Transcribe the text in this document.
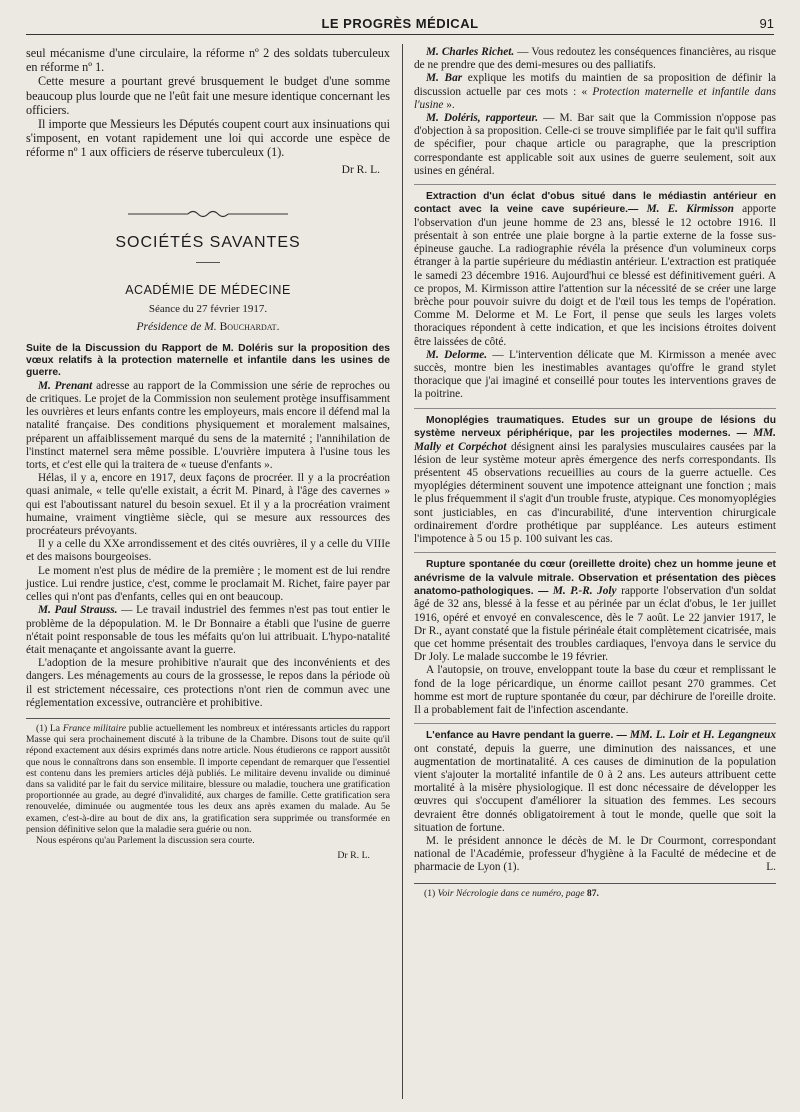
LE PROGRÈS MÉDICAL	91

seul mécanisme d'une circulaire, la réforme nº 2 des soldats tuberculeux en réforme nº 1.

Cette mesure a pourtant grevé brusquement le budget d'une somme beaucoup plus lourde que ne l'eût fait une mesure identique concernant les officiers.

Il importe que Messieurs les Députés coupent court aux insinuations qui s'imposent, en votant rapidement une loi qui accorde une espèce de réforme nº 1 aux officiers de réserve tuberculeux (1).

Dr R. L.
SOCIÉTÉS SAVANTES
ACADÉMIE DE MÉDECINE
Séance du 27 février 1917.
Présidence de M. Bouchardat.

Suite de la Discussion du Rapport de M. Doléris sur la proposition des vœux relatifs à la protection maternelle et infantile dans les usines de guerre.

M. Prenant adresse au rapport de la Commission une série de reproches ou de critiques. Le projet de la Commission non seulement protège insuffisamment les ouvrières et leurs enfants contre les employeurs, mais encore il défend mal la natalité française. Des conditions physiquement et moralement malsaines, préparent un affaiblissement marqué du sens de la maternité ; l'annihilation de l'instinct maternel sera même possible. L'ouvrière imputera à l'usine tous les torts, et c'est elle qui la traitera de « tueuse d'enfants ».

Hélas, il y a, encore en 1917, deux façons de procréer. Il y a la procréation quasi animale, « telle qu'elle existait, a écrit M. Pinard, à l'âge des cavernes » qui est l'aboutissant naturel du besoin sexuel. Et il y a la procréation vraiment humaine, vraiment vingtième siècle, qui se mesure aux ressources des procréateurs prévoyants.

Il y a celle du XXe arrondissement et des cités ouvrières, il y a celle du VIIIe et des maisons bourgeoises.

Le moment n'est plus de médire de la première ; le moment est de lui rendre justice. Lui rendre justice, c'est, comme le proclamait M. Richet, faire payer par celles qui n'ont pas d'enfants, celles qui en ont beaucoup.

M. Paul Strauss. — Le travail industriel des femmes n'est pas tout entier le problème de la dépopulation. M. le Dr Bonnaire a établi que l'usine de guerre n'était point responsable de tous les méfaits qu'on lui attribuait. L'hypo-natalité était menaçante et angoissante avant la guerre.

L'adoption de la mesure prohibitive n'aurait que des inconvénients et des dangers. Les ménagements au cours de la grossesse, le repos dans la période où il est strictement nécessaire, ces protections n'ont rien de commun avec une réglementation excessive, outrancière et prohibitive.

(1) La France militaire publie actuellement les nombreux et intéressants articles du rapport Masse qui sera prochainement discuté à la tribune de la Chambre. Disons tout de suite qu'il répond exactement aux désirs exprimés dans notre article. Nous étudierons ce rapport aussitôt que nous le connaîtrons dans son ensemble. Il importe cependant de remarquer que l'essentiel est contenu dans les premiers articles déjà publiés. Le militaire devenu invalide ou diminué dans sa validité par le fait du service militaire, blessure ou maladie, touchera une gratification proportionnée au grade, au degré d'invalidité, aux charges de famille. Cette gratification sera renouvelée, diminuée ou augmentée tous les deux ans après examen du malade. Au 5e examen, c'est-à-dire au bout de dix ans, la gratification sera supprimée ou transformée en pension définitive selon que la maladie sera guérie ou non.

Nous espérons qu'au Parlement la discussion sera courte.

Dr R. L.

M. Charles Richet. — Vous redoutez les conséquences financières, au risque de ne prendre que des demi-mesures ou des palliatifs.

M. Bar explique les motifs du maintien de sa proposition de définir la discussion actuelle par ces mots : « Protection maternelle et infantile dans l'usine ».

M. Doléris, rapporteur. — M. Bar sait que la Commission n'oppose pas d'objection à sa proposition. Celle-ci se trouve simplifiée par le fait qu'il suffira de spécifier, pour chaque article ou paragraphe, que la prescription correspondante est applicable soit aux usines de guerre seulement, soit aux usines en général.

Extraction d'un éclat d'obus situé dans le médiastin antérieur en contact avec la veine cave supérieure.— M. E. Kirmisson apporte l'observation d'un jeune homme de 23 ans, blessé le 12 octobre 1916. Il présentait à son entrée une plaie borgne à la partie externe de la fosse sus-épineuse gauche. La radiographie révéla la présence d'un volumineux corps étranger à la partie supérieure du médiastin antérieur. L'extraction est pratiquée le samedi 23 décembre 1916. Aujourd'hui ce blessé est définitivement guéri. A ce propos, M. Kirmisson attire l'attention sur la nécessité de se créer une large brèche pour pouvoir suivre du doigt et de l'œil tous les temps de l'opération. Comme M. Delorme et M. Le Fort, il pense que seuls les larges volets thoraciques répondent à cette indication, et que les incisions étroites doivent être laissées de côté.

M. Delorme. — L'intervention délicate que M. Kirmisson a menée avec succès, montre bien les inestimables avantages qu'offre le grand stylet thoracique que j'ai imaginé et conseillé pour toutes les interventions graves de la poitrine.

Monoplégies traumatiques. Etudes sur un groupe de lésions du système nerveux périphérique, par les projectiles modernes. — MM. Mally et Corpéchot désignent ainsi les paralysies musculaires causées par la lésion de leur système moteur après émergence des nerfs correspondants. Ils présentent 45 observations recueillies au cours de la guerre actuelle. Ces myoplégies déterminent souvent une impotence atteignant une fonction ; mais le plus fréquemment il s'agit d'un trouble fruste, atypique. Ces monomyoplégies sont justiciables, en cas d'incurabilité, d'une intervention chirurgicale ordinairement d'ordre prothétique par suppléance. Les auteurs estiment l'impotence à 5 ou 15 p. 100 suivant les cas.

Rupture spontanée du cœur (oreillette droite) chez un homme jeune et anévrisme de la valvule mitrale. Observation et présentation des pièces anatomo-pathologiques. — M. P.-R. Joly rapporte l'observation d'un soldat âgé de 32 ans, blessé à la fesse et au périnée par un éclat d'obus, le 1er juillet 1916, opéré et envoyé en convalescence, dès le 7 août. Le 22 janvier 1917, le Dr R., ayant constaté que la fistule périnéale était complètement cicatrisée, mais que cet homme présentait des troubles cardiaques, l'envoya dans le service du Dr Joly. Le malade succombe le 19 février.

A l'autopsie, on trouve, enveloppant toute la base du cœur et remplissant le fond de la loge péricardique, un énorme caillot pesant 270 grammes. Cet homme est mort de rupture spontanée du cœur, par déchirure de l'oreille droite. Il a probablement fait de l'infection ascendante.

L'enfance au Havre pendant la guerre. — MM. L. Loir et H. Legangneux ont constaté, depuis la guerre, une diminution des naissances, et une augmentation de mortinatalité. A ces causes de diminution de la population vient s'ajouter la mortalité infantile de 0 à 2 ans. Les auteurs attribuent cette mortalité à la misère physiologique. Il est donc nécessaire de développer les œuvres qui s'occupent d'améliorer la situation des femmes. Les secours devraient être donnés obligatoirement à tout le monde, quelle que soit la situation de fortune.

M. le président annonce le décès de M. le Dr Courmont, correspondant national de l'Académie, professeur d'hygiène à la Faculté de médecine et de pharmacie de Lyon (1).	L.

(1) Voir Nécrologie dans ce numéro, page 87.
